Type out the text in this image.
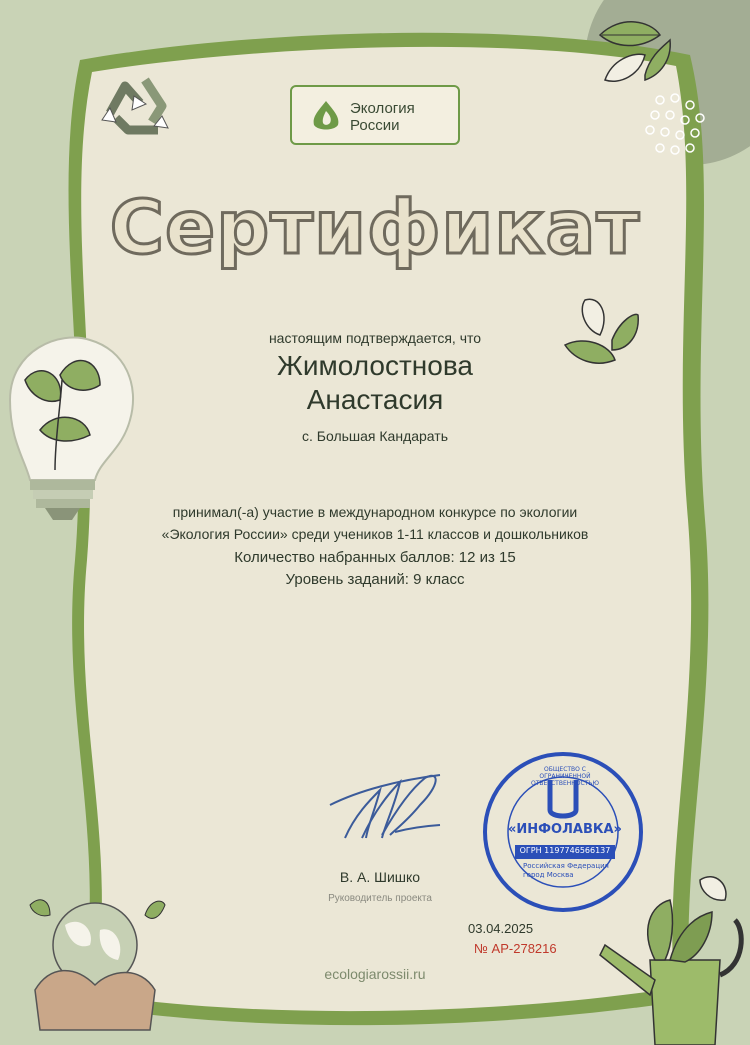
Экология
России
Сертификат
настоящим подтверждается, что
Жимолостнова
Анастасия
с. Большая Кандарать
принимал(-а) участие в международном конкурсе по экологии
«Экология России» среди учеников 1-11 классов и дошкольников
Количество набранных баллов: 12 из 15
Уровень заданий: 9 класс
В. А. Шишко
Руководитель проекта
«ИНФОЛАВКА»
ОГРН 1197746566137
Российская Федерация
город Москва
ОБЩЕСТВО С ОГРАНИЧЕННОЙ ОТВЕТСТВЕННОСТЬЮ
03.04.2025
№ АР-278216
ecologiarossii.ru
